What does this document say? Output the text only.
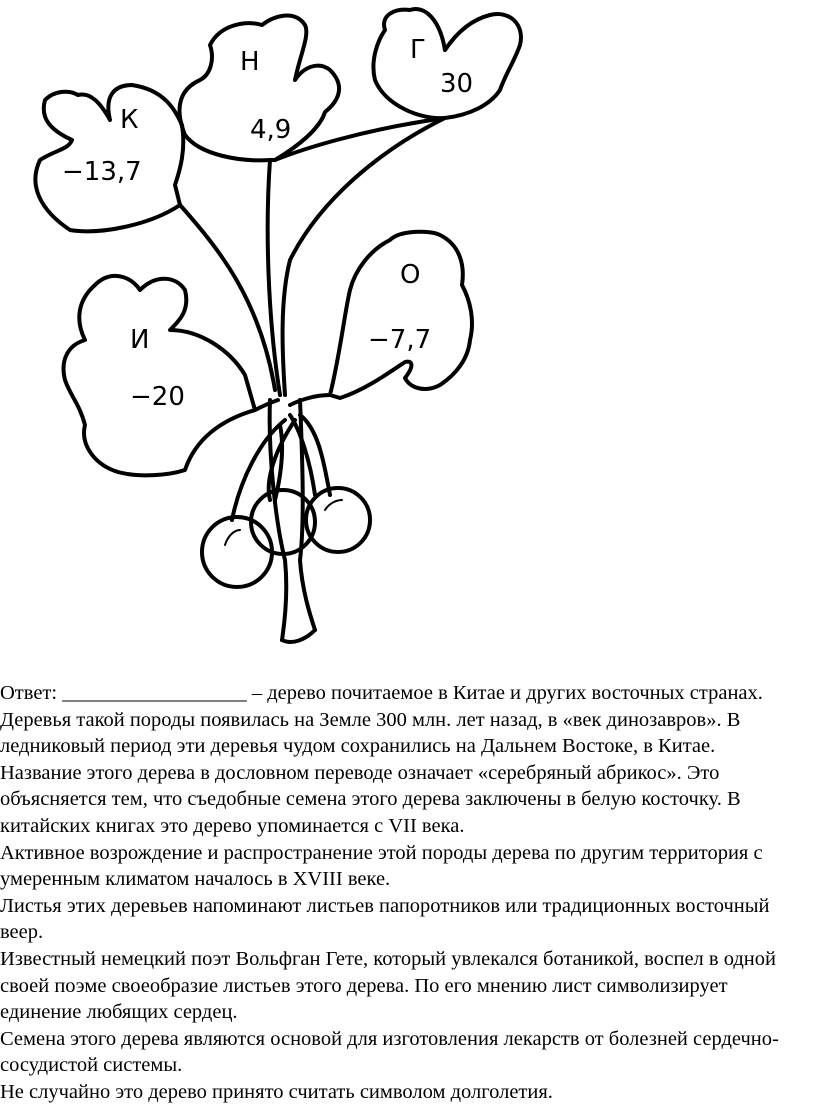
К
−13,7
Н
4,9
Г
30
О
−7,7
И
−20

Ответ: __________________ – дерево почитаемое в Китае и других восточных странах. Деревья такой породы появилась на Земле 300 млн. лет назад, в «век динозавров». В ледниковый период эти деревья чудом сохранились на Дальнем Востоке, в Китае.

Название этого дерева в дословном переводе означает «серебряный абрикос». Это объясняется тем, что съедобные семена этого дерева заключены в белую косточку. В китайских книгах это дерево упоминается с VII века.

Активное возрождение и распространение этой породы дерева по другим территория с умеренным климатом началось в XVIII веке.

Листья этих деревьев напоминают листьев папоротников или традиционных восточный веер.

Известный немецкий поэт Вольфган Гете, который увлекался ботаникой, воспел в одной своей поэме своеобразие листьев этого дерева. По его мнению лист символизирует единение любящих сердец.

Семена этого дерева являются основой для изготовления лекарств от болезней сердечно-сосудистой системы.

Не случайно это дерево принято считать символом долголетия.
